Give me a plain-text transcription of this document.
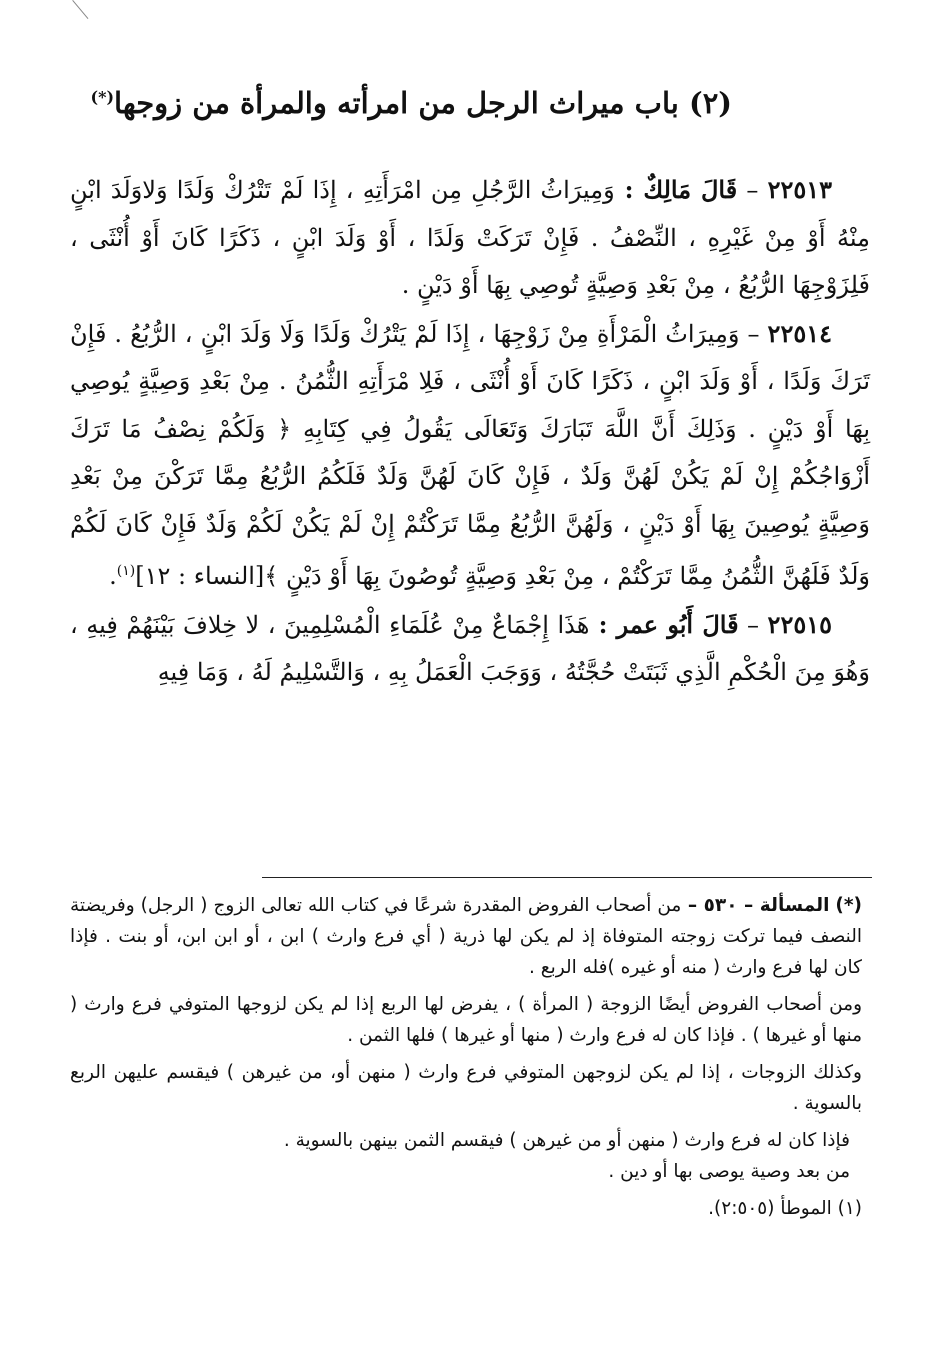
(٢) باب ميراث الرجل من امرأته والمرأة من زوجها(*)

٢٢٥١٣ – قَالَ مَالِكٌ : وَمِيرَاثُ الرَّجُلِ مِن امْرَأَتِهِ ، إِذَا لَمْ تَتْرُكْ وَلَدًا وَلاوَلَدَ ابْنٍ مِنْهُ أَوْ مِنْ غَيْرِهِ ، النِّصْفُ . فَإِنْ تَرَكَتْ وَلَدًا ، أَوْ وَلَدَ ابْنٍ ، ذَكَرًا كَانَ أَوْ أُنْثَى ، فَلِزَوْجِهَا الرُّبُعُ ، مِنْ بَعْدِ وَصِيَّةٍ تُوصِي بِهَا أَوْ دَيْنٍ .

٢٢٥١٤ – وَمِيرَاثُ الْمَرْأَةِ مِنْ زَوْجِهَا ، إِذَا لَمْ يَتْرُكْ وَلَدًا وَلَا وَلَدَ ابْنٍ ، الرُّبُعُ . فَإِنْ تَرَكَ وَلَدًا ، أَوْ وَلَدَ ابْنٍ ، ذَكَرًا كَانَ أَوْ أُنْثَى ، فَلِا مْرَأَتِهِ الثُّمُنُ . مِنْ بَعْدِ وَصِيَّةٍ يُوصِي بِهَا أَوْ دَيْنٍ . وَذَلِكَ أَنَّ اللَّهَ تَبَارَكَ وَتَعَالَى يَقُولُ فِي كِتَابِهِ ﴿ وَلَكُمْ نِصْفُ مَا تَرَكَ أَزْوَاجُكُمْ إِنْ لَمْ يَكُنْ لَهُنَّ وَلَدٌ ، فَإِنْ كَانَ لَهُنَّ وَلَدٌ فَلَكُمُ الرُّبُعُ مِمَّا تَرَكْنَ مِنْ بَعْدِ وَصِيَّةٍ يُوصِينَ بِهَا أَوْ دَيْنٍ ، وَلَهُنَّ الرُّبُعُ مِمَّا تَرَكْتُمْ إِنْ لَمْ يَكُنْ لَكُمْ وَلَدٌ فَإِنْ كَانَ لَكُمْ وَلَدٌ فَلَهُنَّ الثُّمُنُ مِمَّا تَرَكْتُمْ ، مِنْ بَعْدِ وَصِيَّةٍ تُوصُونَ بِهَا أَوْ دَيْنٍ ﴾[النساء : ١٢]$^{(١)}$.

٢٢٥١٥ – قَالَ أَبُو عمر : هَذَا إِجْمَاعٌ مِنْ عُلَمَاءِ الْمُسْلِمِينَ ، لا خِلافَ بَيْنَهُمْ فِيهِ ، وَهُوَ مِنَ الْحُكْمِ الَّذِي ثَبَتَتْ حُجَّتُهُ ، وَوَجَبَ الْعَمَلُ بِهِ ، وَالتَّسْلِيمُ لَهُ ، وَمَا فِيهِ

(*) المسألة – ٥٣٠ – من أصحاب الفروض المقدرة شرعًا في كتاب الله تعالى الزوج ( الرجل) وفريضتة النصف فيما تركت زوجته المتوفاة إذ لم يكن لها ذرية ( أي فرع وارث ) ابن ، أو ابن ابن، أو بنت . فإذا كان لها فرع وارث ( منه أو غيره )فله الربع .

ومن أصحاب الفروض أيضًا الزوجة ( المرأة ) ، يفرض لها الربع إذا لم يكن لزوجها المتوفي فرع وارث ( منها أو غيرها ) . فإذا كان له فرع وارث ( منها أو غيرها ) فلها الثمن .

وكذلك الزوجات ، إذا لم يكن لزوجهن المتوفي فرع وارث ( منهن أو، من غيرهن ) فيقسم عليهن الربع بالسوية .

فإذا كان له فرع وارث ( منهن أو من غيرهن ) فيقسم الثمن بينهن بالسوية .

من بعد وصية يوصى بها أو دين .

(١) الموطأ (٢:٥٠٥).
